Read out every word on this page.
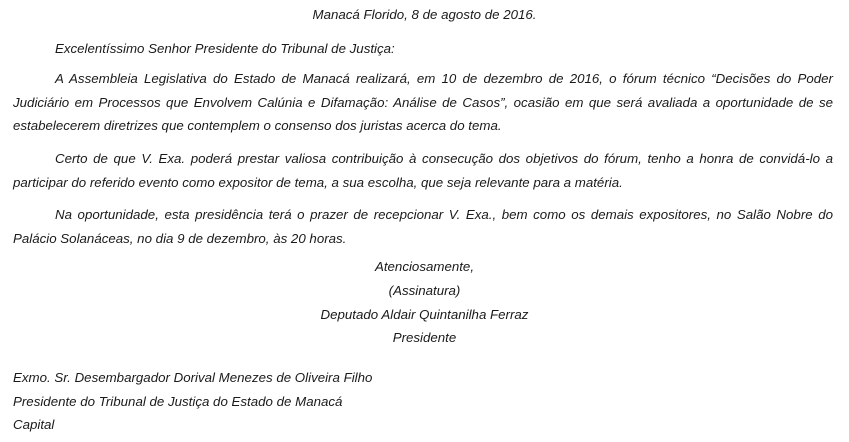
Manacá Florido, 8 de agosto de 2016.

Excelentíssimo Senhor Presidente do Tribunal de Justiça:

A Assembleia Legislativa do Estado de Manacá realizará, em 10 de dezembro de 2016, o fórum técnico “Decisões do Poder Judiciário em Processos que Envolvem Calúnia e Difamação: Análise de Casos”, ocasião em que será avaliada a oportunidade de se estabelecerem diretrizes que contemplem o consenso dos juristas acerca do tema.

Certo de que V. Exa. poderá prestar valiosa contribuição à consecução dos objetivos do fórum, tenho a honra de convidá-lo a participar do referido evento como expositor de tema, a sua escolha, que seja relevante para a matéria.

Na oportunidade, esta presidência terá o prazer de recepcionar V. Exa., bem como os demais expositores, no Salão Nobre do Palácio Solanáceas, no dia 9 de dezembro, às 20 horas.

Atenciosamente,

(Assinatura)

Deputado Aldair Quintanilha Ferraz

Presidente

Exmo. Sr. Desembargador Dorival Menezes de Oliveira Filho

Presidente do Tribunal de Justiça do Estado de Manacá

Capital
